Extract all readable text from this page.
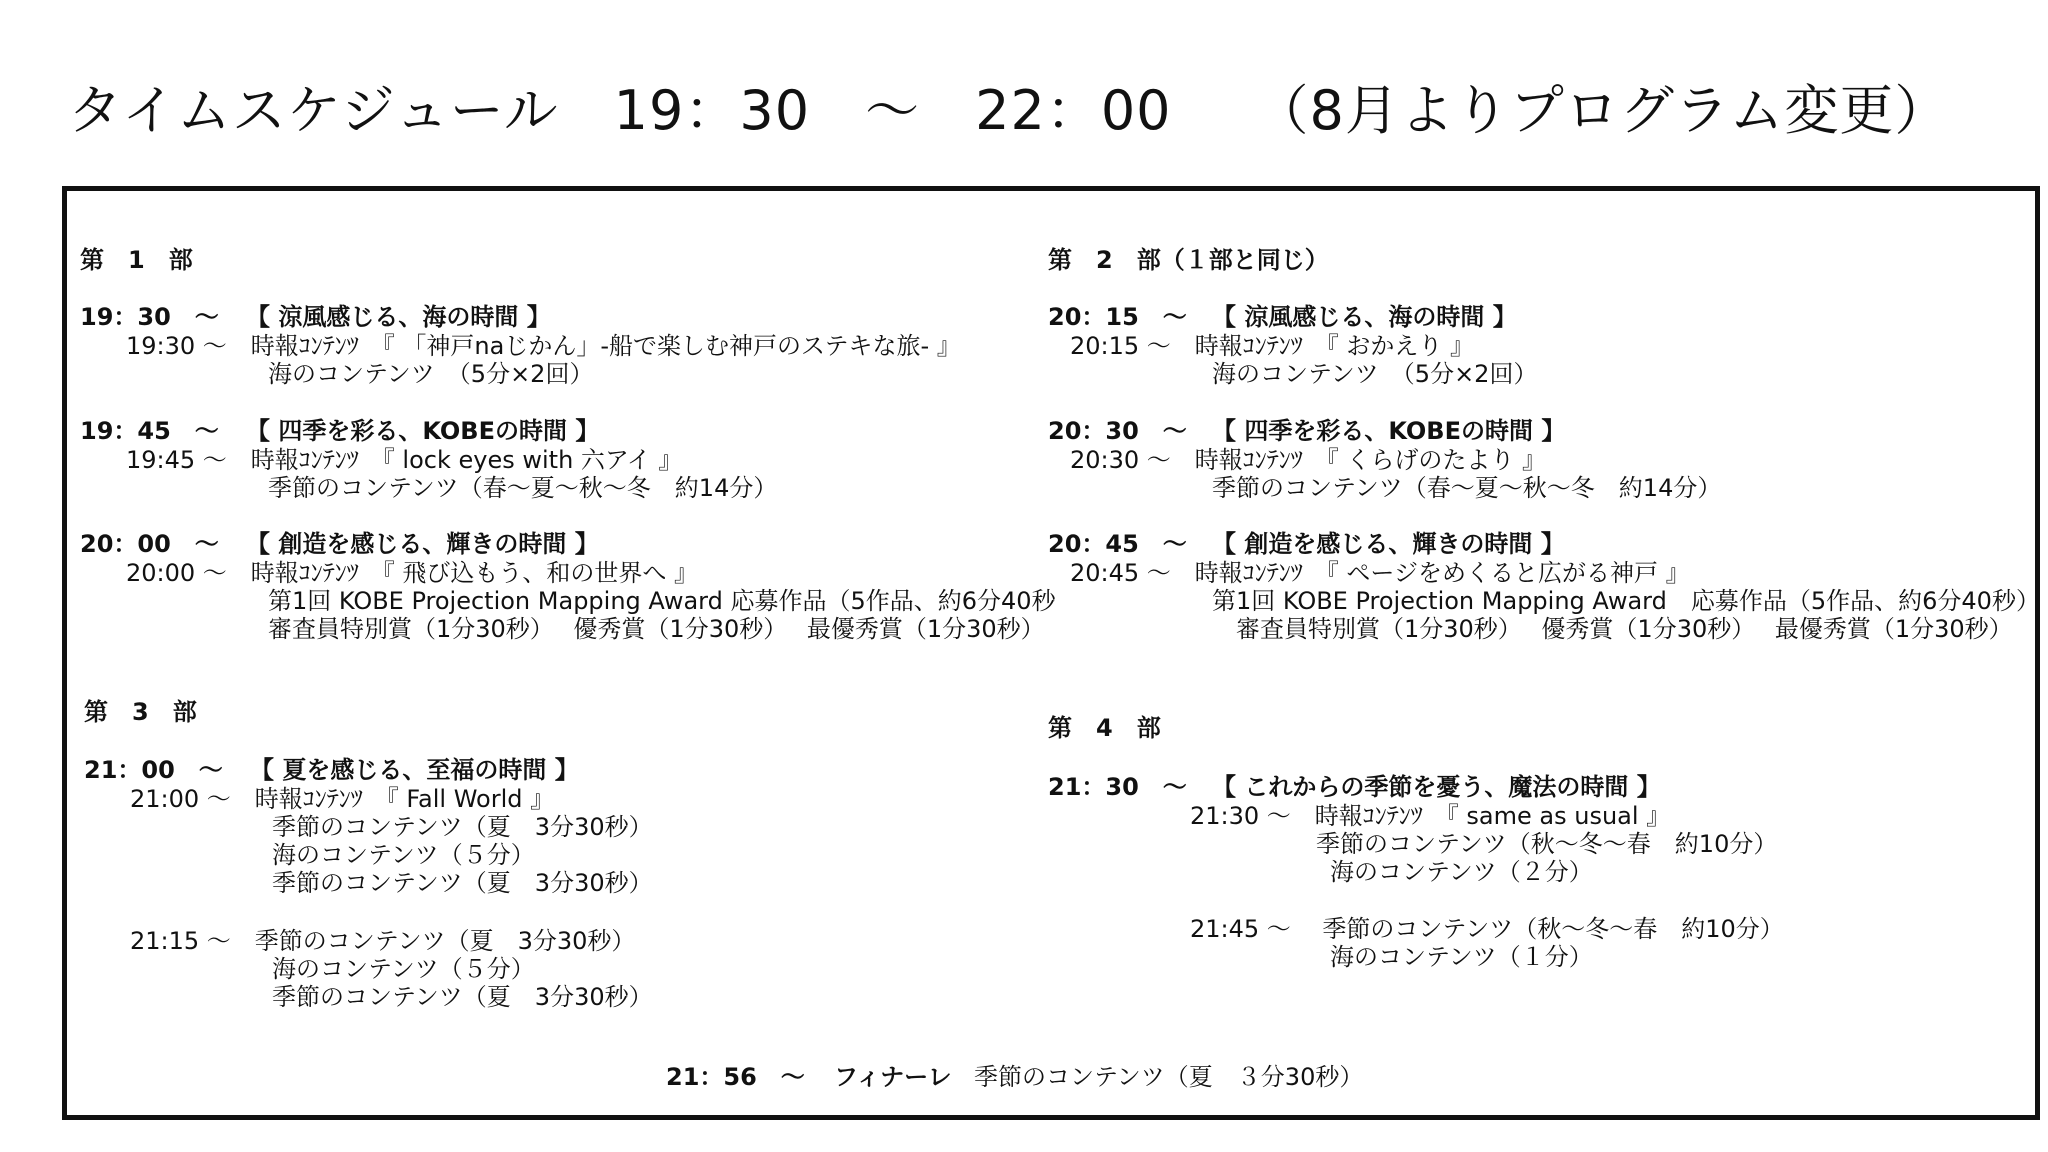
タイムスケジュール　19：30　～　22：00　　（8月よりプログラム変更）
第　1　部
19：30　～ 【 涼風感じる、海の時間 】
19:30 ～　時報ｺﾝﾃﾝﾂ　『 「神戸naじかん」-船で楽しむ神戸のステキな旅- 』
海のコンテンツ　（5分×2回）
19：45　～ 【 四季を彩る、KOBEの時間 】
19:45 ～　時報ｺﾝﾃﾝﾂ　『 lock eyes with 六アイ 』
季節のコンテンツ（春～夏～秋～冬　約14分）
20：00　～ 【 創造を感じる、輝きの時間 】
20:00 ～　時報ｺﾝﾃﾝﾂ　『 飛び込もう、和の世界へ 』
第1回 KOBE Projection Mapping Award 応募作品（5作品、約6分40秒
審査員特別賞（1分30秒）　 優秀賞（1分30秒）　 最優秀賞（1分30秒）
第　2　部（１部と同じ）
20：15　～ 【 涼風感じる、海の時間 】
20:15 ～　時報ｺﾝﾃﾝﾂ　『 おかえり 』
海のコンテンツ　（5分×2回）
20：30　～ 【 四季を彩る、KOBEの時間 】
20:30 ～　時報ｺﾝﾃﾝﾂ　『 くらげのたより 』
季節のコンテンツ（春～夏～秋～冬　約14分）
20：45　～ 【 創造を感じる、輝きの時間 】
20:45 ～　時報ｺﾝﾃﾝﾂ　『 ページをめくると広がる神戸 』
第1回 KOBE Projection Mapping Award　応募作品（5作品、約6分40秒）
審査員特別賞（1分30秒）　 優秀賞（1分30秒）　 最優秀賞（1分30秒）
第　3　部
21：00　～ 【 夏を感じる、至福の時間 】
21:00 ～　時報ｺﾝﾃﾝﾂ　『 Fall World 』
季節のコンテンツ（夏　3分30秒）
海のコンテンツ（５分）
季節のコンテンツ（夏　3分30秒）
21:15 ～　季節のコンテンツ（夏　3分30秒）
海のコンテンツ（５分）
季節のコンテンツ（夏　3分30秒）
第　4　部
21：30　～ 【 これからの季節を憂う、魔法の時間 】
21:30 ～　時報ｺﾝﾃﾝﾂ　『 same as usual 』
季節のコンテンツ（秋～冬～春　約10分）
海のコンテンツ（２分）
21:45 ～　 季節のコンテンツ（秋～冬～春　約10分）
海のコンテンツ（１分）
21：56　～ フィナーレ 季節のコンテンツ（夏　３分30秒）
